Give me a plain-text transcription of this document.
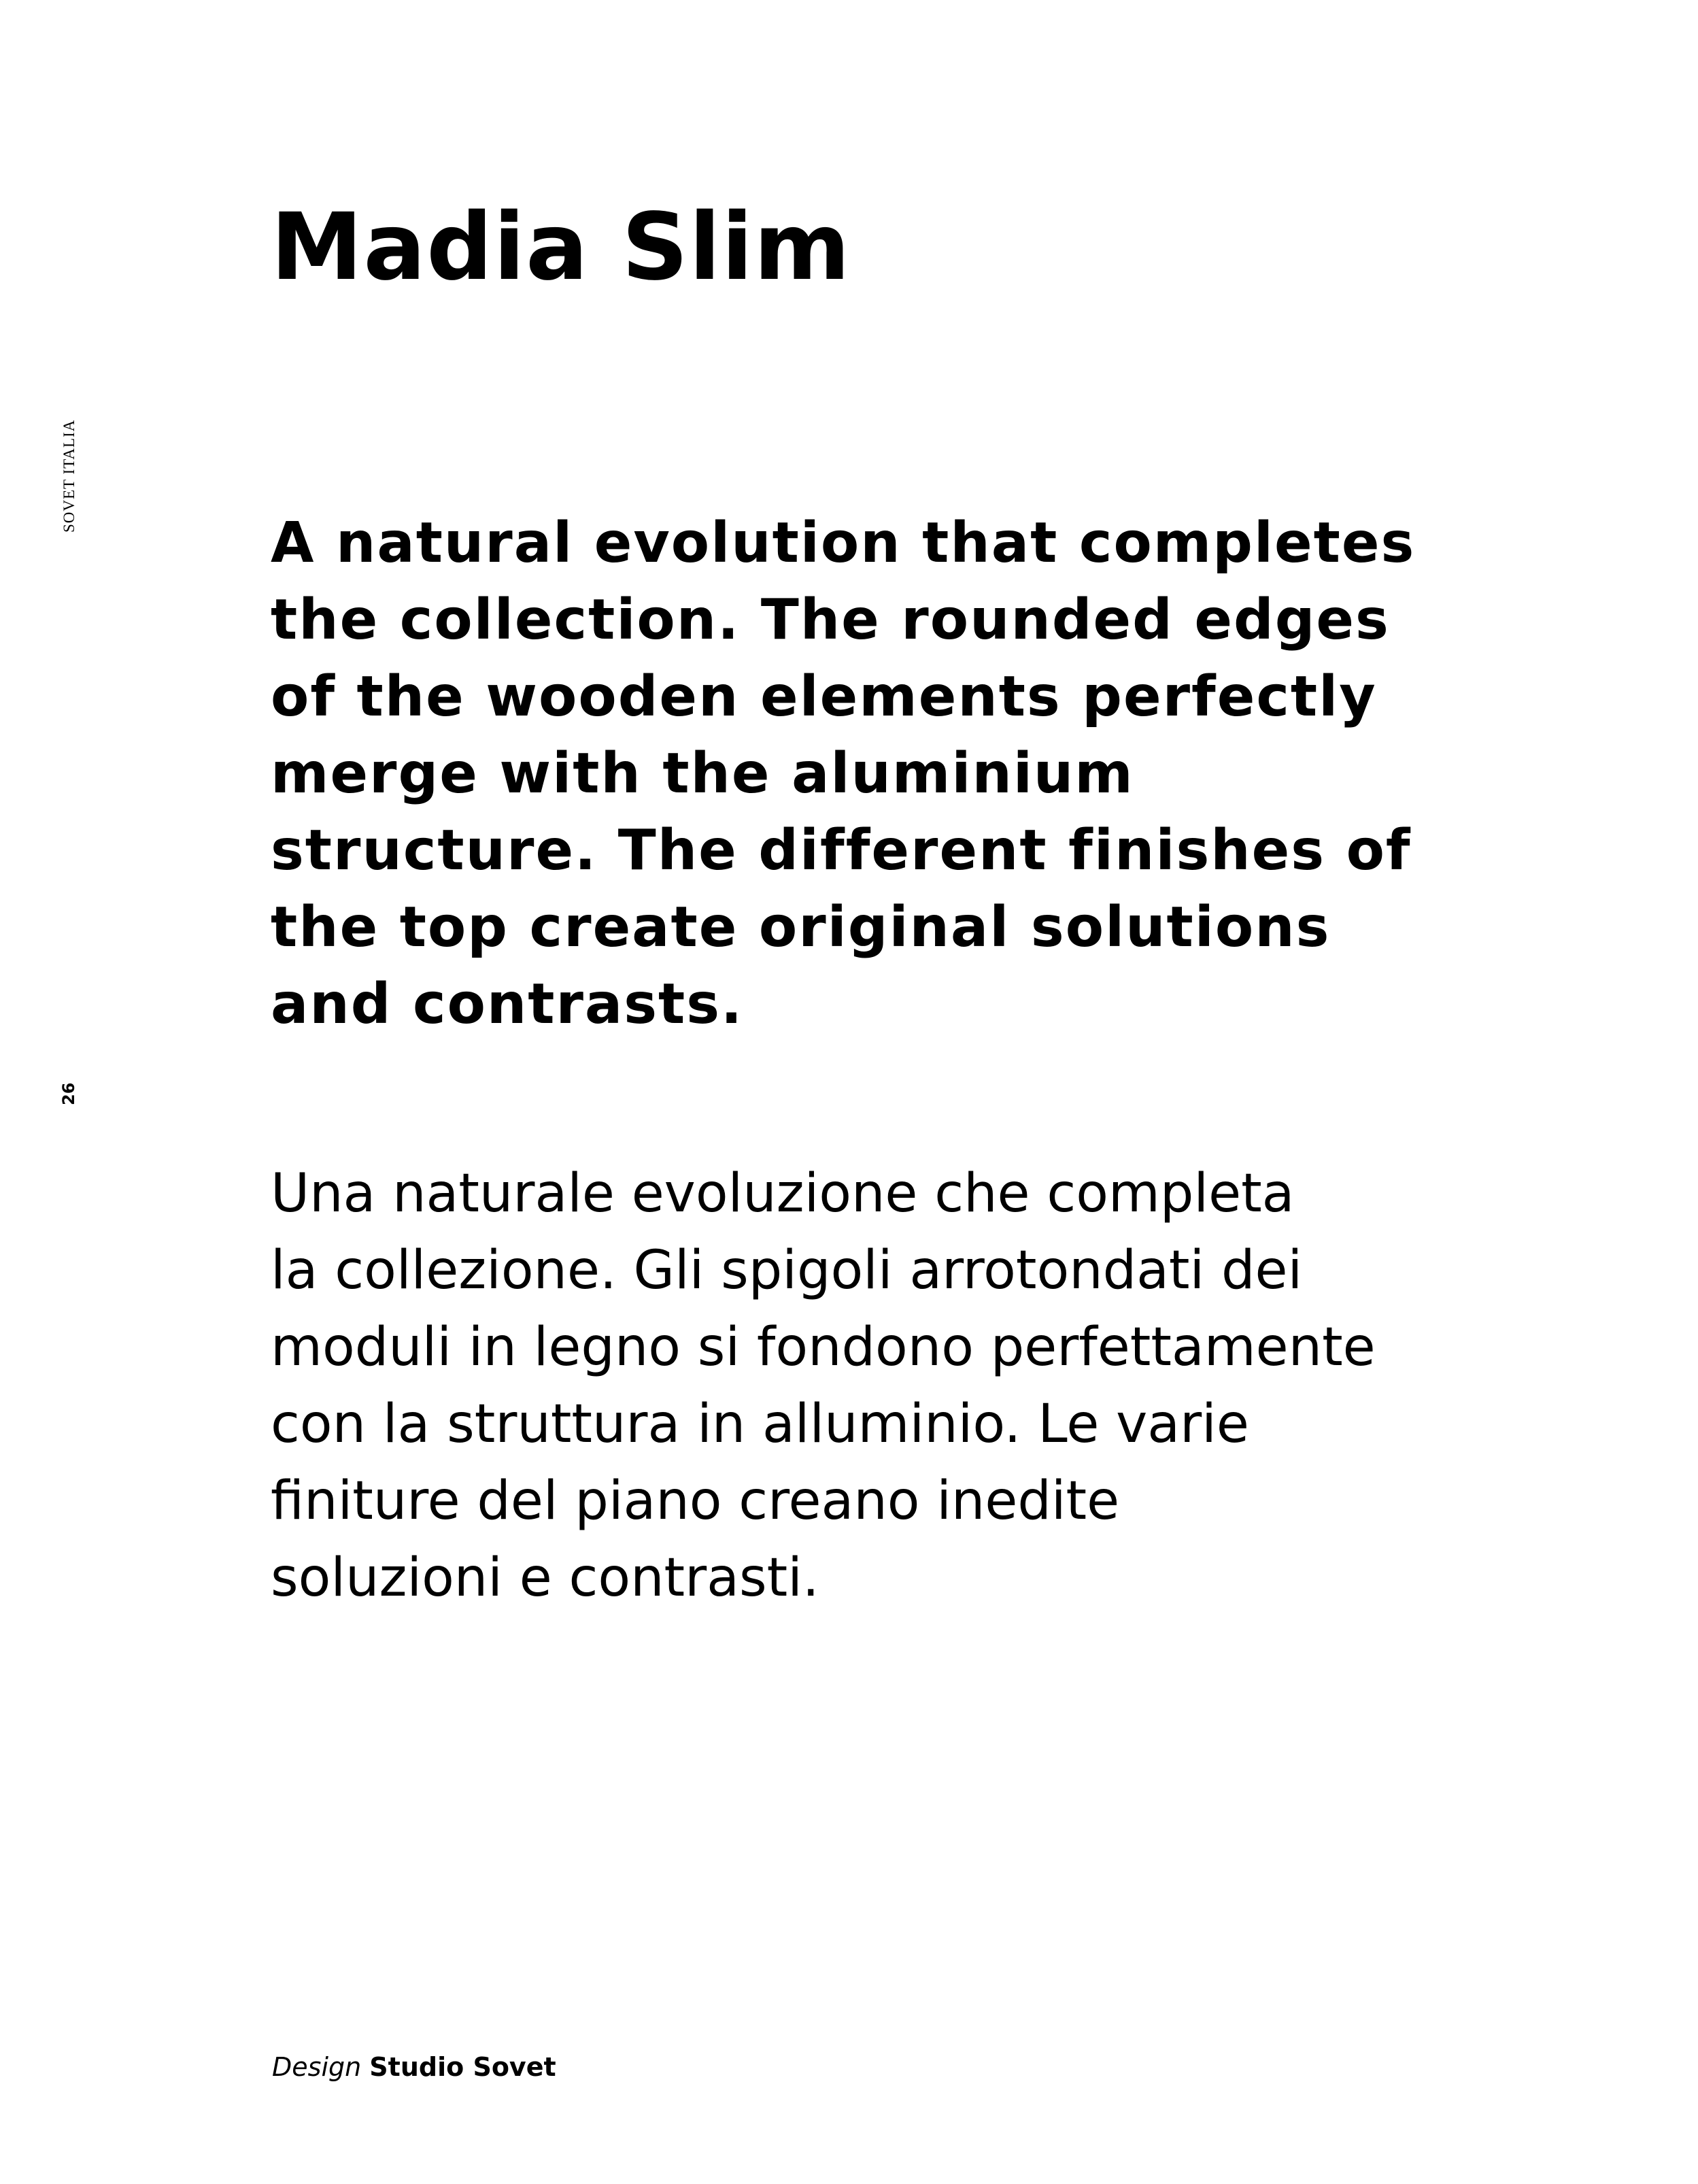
SOVET ITALIA
26
Madia Slim

A natural evolution that completes
the collection. The rounded edges
of the wooden elements perfectly
merge with the aluminium
structure. The different finishes of
the top create original solutions
and contrasts.

Una naturale evoluzione che completa
la collezione. Gli spigoli arrotondati dei
moduli in legno si fondono perfettamente
con la struttura in alluminio. Le varie
finiture del piano creano inedite
soluzioni e contrasti.

Design Studio Sovet
